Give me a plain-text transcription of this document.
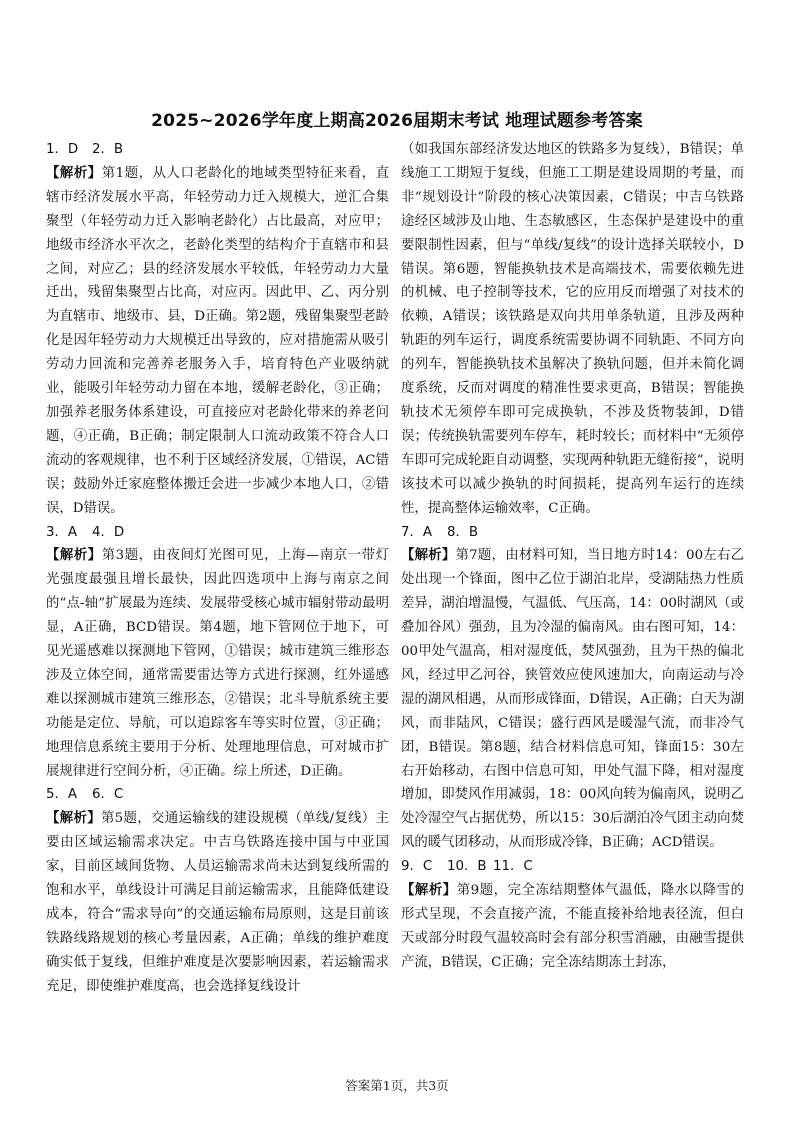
2025~2026学年度上期高2026届期末考试 地理试题参考答案

1．D 2．B

【解析】第1题，从人口老龄化的地域类型特征来看，直辖市经济发展水平高，年轻劳动力迁入规模大，逆汇合集聚型（年轻劳动力迁入影响老龄化）占比最高，对应甲；地级市经济水平次之，老龄化类型的结构介于直辖市和县之间，对应乙；县的经济发展水平较低，年轻劳动力大量迁出，残留集聚型占比高，对应丙。因此甲、乙、丙分别为直辖市、地级市、县，D正确。第2题，残留集聚型老龄化是因年轻劳动力大规模迁出导致的，应对措施需从吸引劳动力回流和完善养老服务入手，培育特色产业吸纳就业，能吸引年轻劳动力留在本地，缓解老龄化，③正确；加强养老服务体系建设，可直接应对老龄化带来的养老问题，④正确，B正确；制定限制人口流动政策不符合人口流动的客观规律，也不利于区域经济发展，①错误，AC错误；鼓励外迁家庭整体搬迁会进一步减少本地人口，②错误，D错误。

3．A 4．D

【解析】第3题，由夜间灯光图可见，上海—南京一带灯光强度最强且增长最快，因此四选项中上海与南京之间的“点-轴”扩展最为连续、发展带受核心城市辐射带动最明显，A正确，BCD错误。第4题，地下管网位于地下，可见光遥感难以探测地下管网，①错误；城市建筑三维形态涉及立体空间，通常需要雷达等方式进行探测，红外遥感难以探测城市建筑三维形态，②错误；北斗导航系统主要功能是定位、导航，可以追踪客车等实时位置，③正确；地理信息系统主要用于分析、处理地理信息，可对城市扩展规律进行空间分析，④正确。综上所述，D正确。

5．A 6．C

【解析】第5题，交通运输线的建设规模（单线/复线）主要由区域运输需求决定。中吉乌铁路连接中国与中亚国家，目前区域间货物、人员运输需求尚未达到复线所需的饱和水平，单线设计可满足目前运输需求，且能降低建设成本，符合“需求导向”的交通运输布局原则，这是目前该铁路线路规划的核心考量因素，A正确；单线的维护难度确实低于复线，但维护难度是次要影响因素，若运输需求充足，即使维护难度高，也会选择复线设计

（如我国东部经济发达地区的铁路多为复线），B错误；单线施工工期短于复线，但施工工期是建设周期的考量，而非“规划设计”阶段的核心决策因素，C错误；中吉乌铁路途经区域涉及山地、生态敏感区，生态保护是建设中的重要限制性因素，但与“单线/复线”的设计选择关联较小，D错误。第6题，智能换轨技术是高端技术，需要依赖先进的机械、电子控制等技术，它的应用反而增强了对技术的依赖，A错误；该铁路是双向共用单条轨道，且涉及两种轨距的列车运行，调度系统需要协调不同轨距、不同方向的列车，智能换轨技术虽解决了换轨问题，但并未简化调度系统，反而对调度的精准性要求更高，B错误；智能换轨技术无须停车即可完成换轨，不涉及货物装卸，D错误；传统换轨需要列车停车，耗时较长；而材料中“无须停车即可完成轮距自动调整，实现两种轨距无缝衔接”，说明该技术可以减少换轨的时间损耗，提高列车运行的连续性，提高整体运输效率，C正确。

7．A 8．B

【解析】第7题，由材料可知，当日地方时14：00左右乙处出现一个锋面，图中乙位于湖泊北岸，受湖陆热力性质差异，湖泊增温慢，气温低、气压高，14：00时湖风（或叠加谷风）强劲，且为冷湿的偏南风。由右图可知，14：00甲处气温高，相对湿度低，焚风强劲，且为干热的偏北风，经过甲乙河谷，狭管效应使风速加大，向南运动与冷湿的湖风相遇，从而形成锋面，D错误，A正确；白天为湖风，而非陆风，C错误；盛行西风是暖湿气流，而非冷气团，B错误。第8题，结合材料信息可知，锋面15：30左右开始移动，右图中信息可知，甲处气温下降，相对湿度增加，即焚风作用减弱，18：00风向转为偏南风，说明乙处冷湿空气占据优势，所以15：30后湖泊冷气团主动向焚风的暖气团移动，从而形成冷锋，B正确；ACD错误。

9．C 10．B 11．C

【解析】第9题，完全冻结期整体气温低，降水以降雪的形式呈现，不会直接产流，不能直接补给地表径流，但白天或部分时段气温较高时会有部分积雪消融，由融雪提供产流，B错误，C正确；完全冻结期冻土封冻，

答案第1页，共3页
